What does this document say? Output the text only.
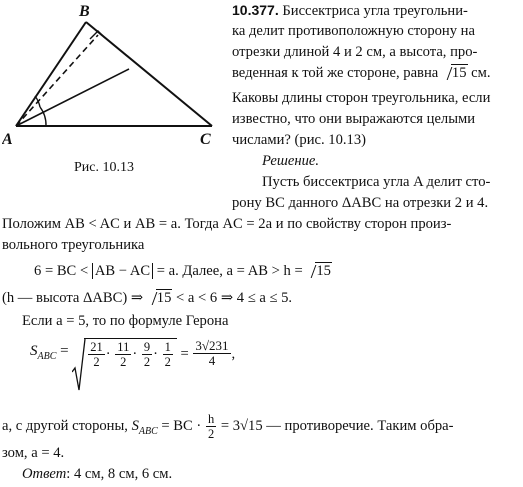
B
A	C
Рис. 10.13
10.377. Биссектриса угла треугольни-
ка делит противоположную сторону на
отрезки длиной 4 и 2 см, а высота, про-
веденная к той же стороне, равна 15 см.
Каковы длины сторон треугольника, если
известно, что они выражаются целыми
числами? (рис. 10.13)
Решение.
Пусть биссектриса угла A делит сто-
рону BC данного ΔABC на отрезки 2 и 4.
Положим AB < AC и AB = a. Тогда AC = 2a и по свойству сторон произ-
вольного треугольника
6 = BC < AB − AC = a. Далее, a = AB > h = 15
(h — высота ΔABC) ⇒ 15 < a < 6 ⇒ 4 ≤ a ≤ 5.
Если a = 5, то по формуле Герона
$S_{ABC} = \frac{21}{2} \cdot \frac{11}{2} \cdot \frac{9}{2} \cdot \frac{1}{2} = \frac{3√231}{4}$ ,
а, с другой стороны, $S_{ABC}$ = BC · $\frac{h}{2} = 3√15$ — противоречие. Таким обра-
зом, a = 4.
Ответ: 4 см, 8 см, 6 см.
